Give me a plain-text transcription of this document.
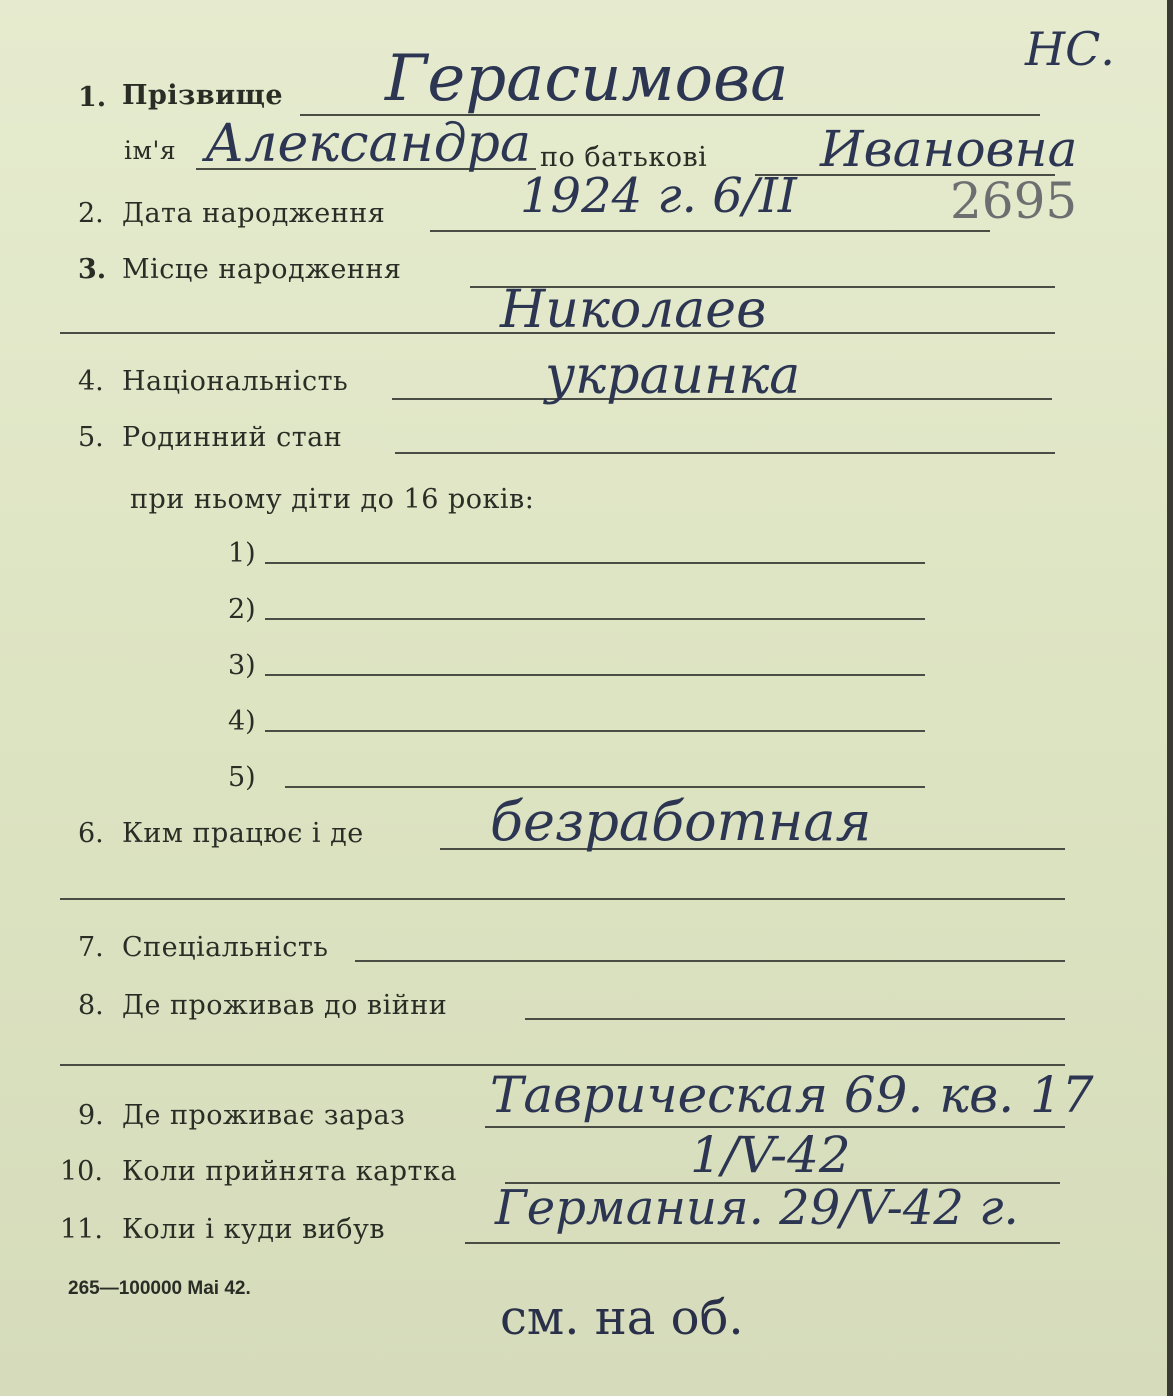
НС.
1. Прізвище Герасимова
ім'я Александра по батькові Ивановна
2. Дата народження	1924 г. 6/II	2695
3. Місце народження
Николаев
4. Національність	украинка
5. Родинний стан
при ньому діти до 16 років:
1)
2)
3)
4)
5)
6. Ким працює і де безработная
7. Спеціальність
8. Де проживав до війни
9. Де проживає зараз Таврическая 69. кв. 17
10. Коли прийнята картка	1/V-42
11. Коли і куди вибув Германия. 29/V-42 г.
265—100000 Mai 42.
см. на об.
